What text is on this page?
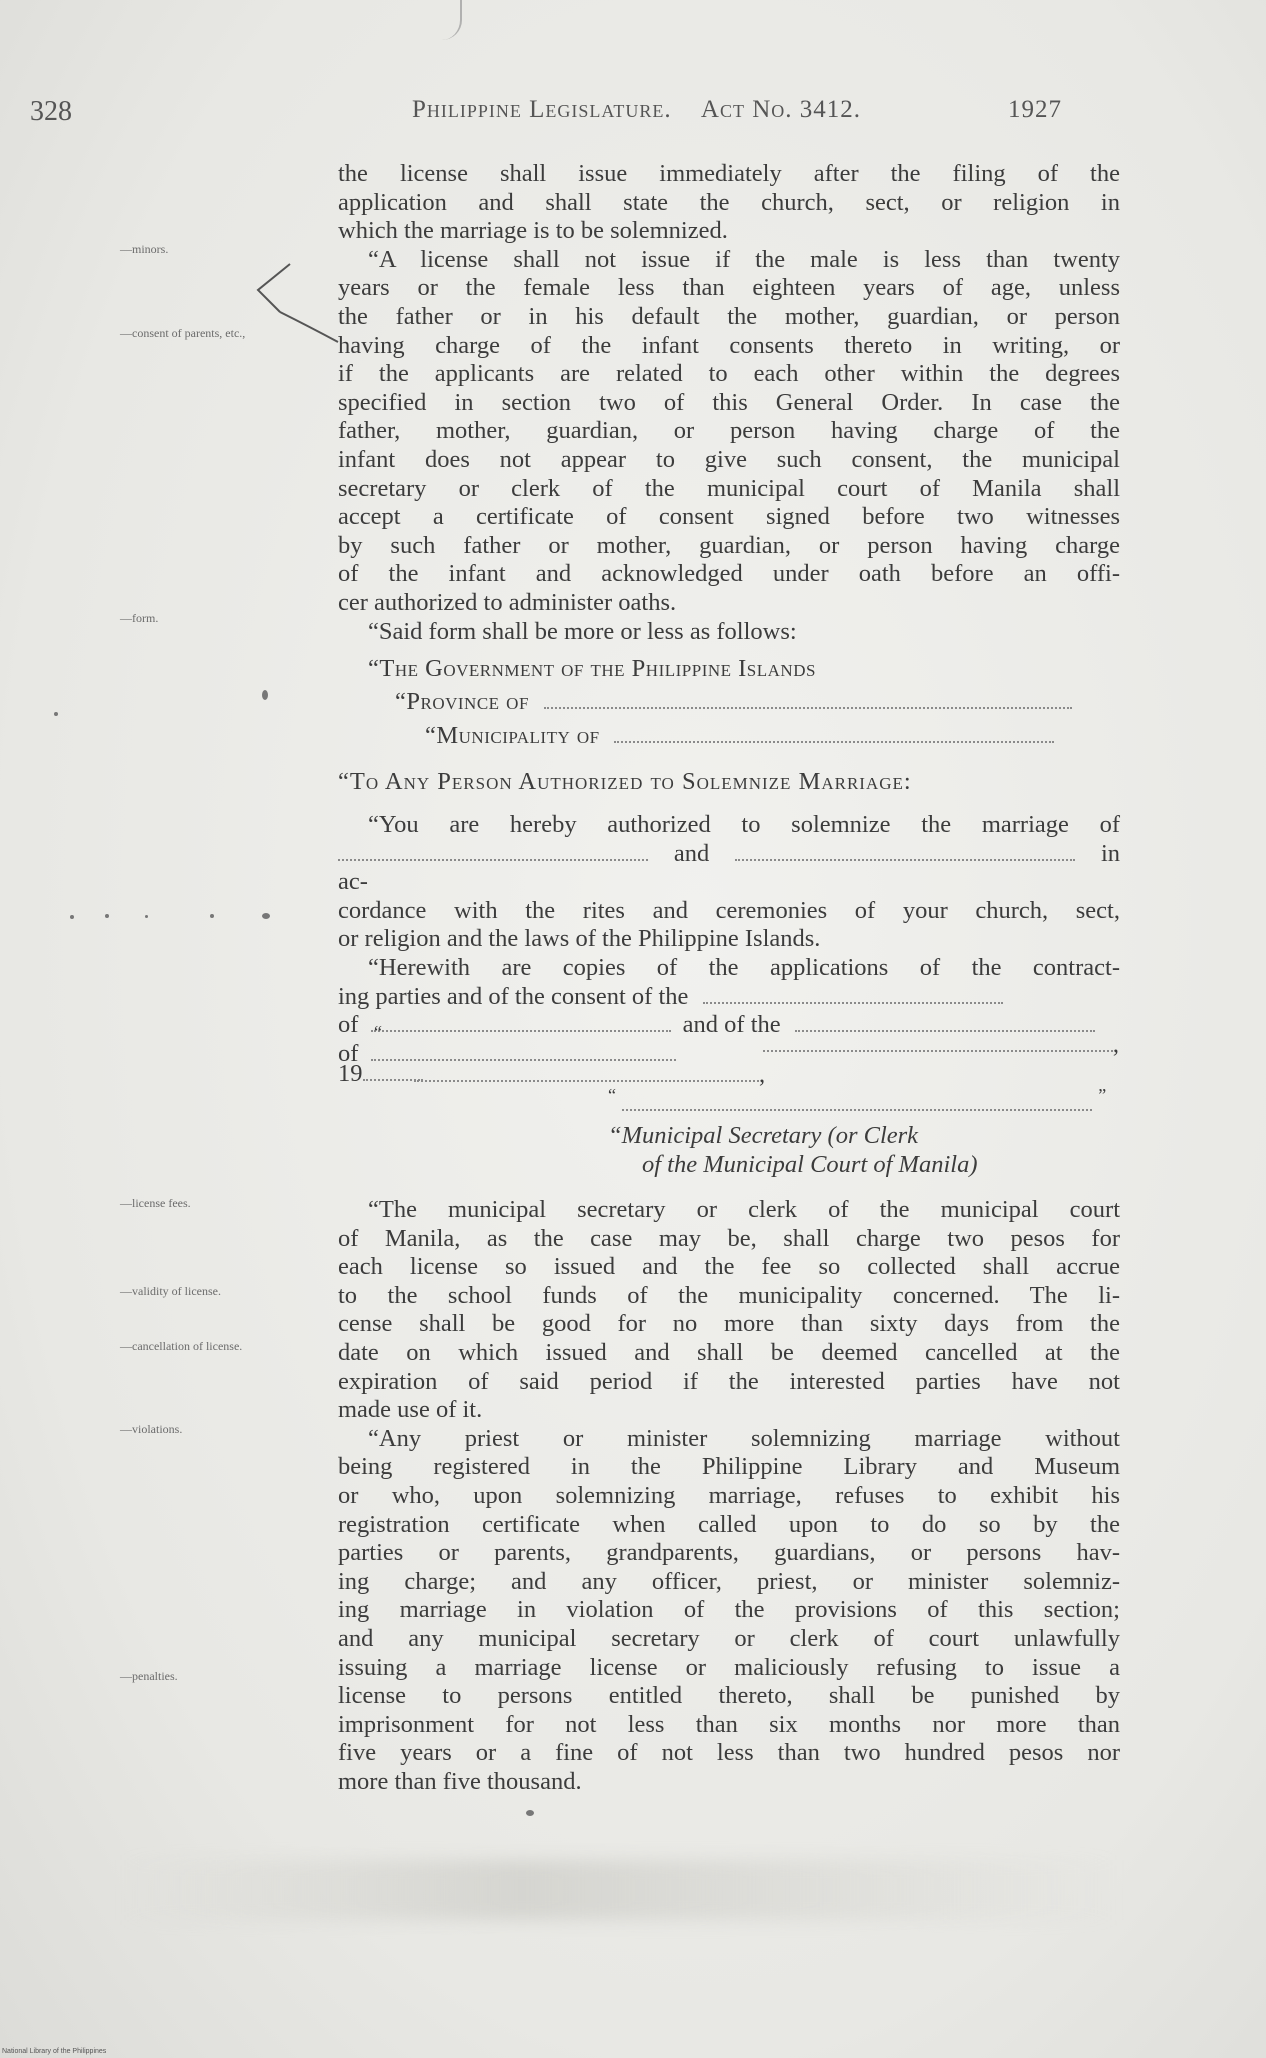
328	Philippine Legislature. Act No. 3412.	1927
—minors.
—consent of parents, etc.,
—form.
—license fees.
—validity of license.
—cancellation of license.
—violations.
—penalties.

the license shall issue immediately after the filing of the
application and shall state the church, sect, or religion in
which the marriage is to be solemnized.

“A license shall not issue if the male is less than twenty
years or the female less than eighteen years of age, unless
the father or in his default the mother, guardian, or person
having charge of the infant consents thereto in writing, or
if the applicants are related to each other within the degrees
specified in section two of this General Order. In case the
father, mother, guardian, or person having charge of the
infant does not appear to give such consent, the municipal
secretary or clerk of the municipal court of Manila shall
accept a certificate of consent signed before two witnesses
by such father or mother, guardian, or person having charge
of the infant and acknowledged under oath before an offi-
cer authorized to administer oaths.

“Said form shall be more or less as follows:

“The Government of the Philippine Islands
“Province of
“Municipality of
“To Any Person Authorized to Solemnize Marriage:
“You are hereby authorized to solemnize the marriage of
and	in ac-
cordance with the rites and ceremonies of your church, sect,
or religion and the laws of the Philippine Islands.
“Herewith are copies of the applications of the contract-
ing parties and of the consent of the
of	and of the
of
“	, ,
19
“	”
“Municipal Secretary (or Clerk
of the Municipal Court of Manila)

“The municipal secretary or clerk of the municipal court
of Manila, as the case may be, shall charge two pesos for
each license so issued and the fee so collected shall accrue
to the school funds of the municipality concerned. The li-
cense shall be good for no more than sixty days from the
date on which issued and shall be deemed cancelled at the
expiration of said period if the interested parties have not
made use of it.

“Any priest or minister solemnizing marriage without
being registered in the Philippine Library and Museum
or who, upon solemnizing marriage, refuses to exhibit his
registration certificate when called upon to do so by the
parties or parents, grandparents, guardians, or persons hav-
ing charge; and any officer, priest, or minister solemniz-
ing marriage in violation of the provisions of this section;
and any municipal secretary or clerk of court unlawfully
issuing a marriage license or maliciously refusing to issue a
license to persons entitled thereto, shall be punished by
imprisonment for not less than six months nor more than
five years or a fine of not less than two hundred pesos nor
more than five thousand.

National Library of the Philippines
